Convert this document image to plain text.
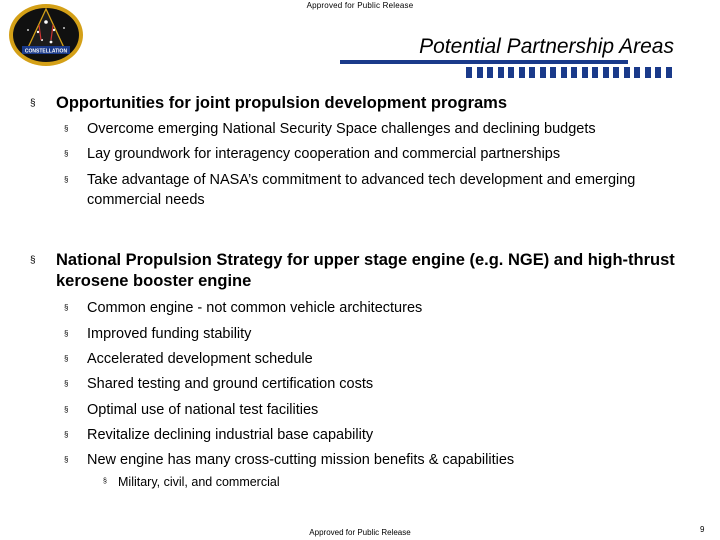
Approved for Public Release
CONSTELLATION	Potential Partnership Areas
§ Opportunities for joint propulsion development programs
§ Overcome emerging National Security Space challenges and declining budgets
§ Lay groundwork for interagency cooperation and commercial partnerships
§ Take advantage of NASA’s commitment to advanced tech development and emerging commercial needs
§ National Propulsion Strategy for upper stage engine (e.g. NGE) and high-thrust kerosene booster engine
§ Common engine - not common vehicle architectures
§ Improved funding stability
§ Accelerated development schedule
§ Shared testing and ground certification costs
§ Optimal use of national test facilities
§ Revitalize declining industrial base capability
§ New engine has many cross-cutting mission benefits & capabilities
§ Military, civil, and commercial
Approved for Public Release	9
